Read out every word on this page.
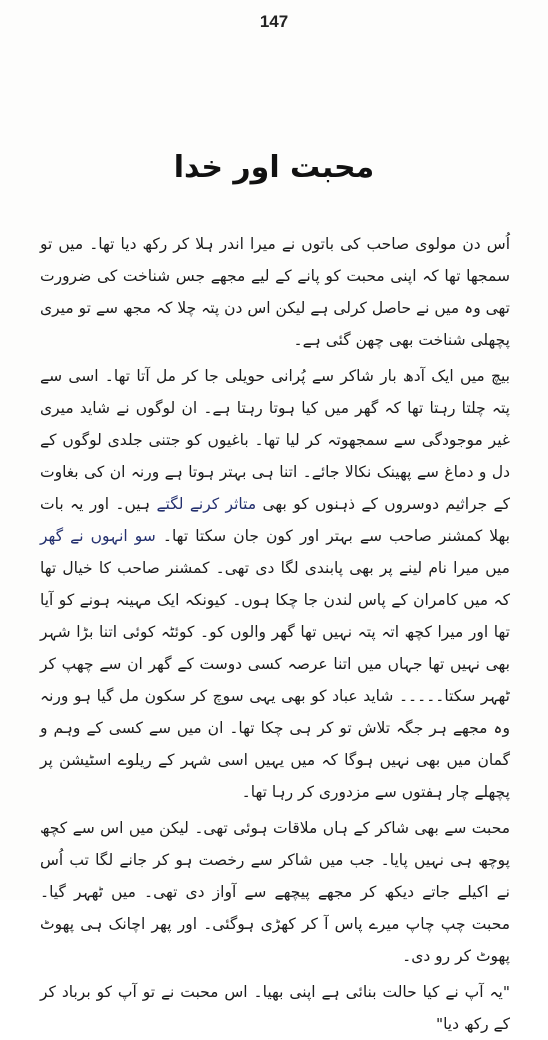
147
محبت اور خدا

اُس دن مولوی صاحب کی باتوں نے میرا اندر ہلا کر رکھ دیا تھا۔ میں تو سمجھا تھا کہ اپنی محبت کو پانے کے لیے مجھے جس شناخت کی ضرورت تھی وہ میں نے حاصل کرلی ہے لیکن اس دن پتہ چلا کہ مجھ سے تو میری پچھلی شناخت بھی چھن گئی ہے۔

بیچ میں ایک آدھ بار شاکر سے پُرانی حویلی جا کر مل آتا تھا۔ اسی سے پتہ چلتا رہتا تھا کہ گھر میں کیا ہوتا رہتا ہے۔ ان لوگوں نے شاید میری غیر موجودگی سے سمجھوتہ کر لیا تھا۔ باغیوں کو جتنی جلدی لوگوں کے دل و دماغ سے پھینک نکالا جائے۔ اتنا ہی بہتر ہوتا ہے ورنہ ان کی بغاوت کے جراثیم دوسروں کے ذہنوں کو بھی متاثر کرنے لگتے ہیں۔ اور یہ بات بھلا کمشنر صاحب سے بہتر اور کون جان سکتا تھا۔ سو انہوں نے گھر میں میرا نام لینے پر بھی پابندی لگا دی تھی۔ کمشنر صاحب کا خیال تھا کہ میں کامران کے پاس لندن جا چکا ہوں۔ کیونکہ ایک مہینہ ہونے کو آیا تھا اور میرا کچھ اتہ پتہ نہیں تھا گھر والوں کو۔ کوئٹہ کوئی اتنا بڑا شہر بھی نہیں تھا جہاں میں اتنا عرصہ کسی دوست کے گھر ان سے چھپ کر ٹھہر سکتا۔۔۔۔۔ شاید عباد کو بھی یہی سوچ کر سکون مل گیا ہو ورنہ وہ مجھے ہر جگہ تلاش تو کر ہی چکا تھا۔ ان میں سے کسی کے وہم و گمان میں بھی نہیں ہوگا کہ میں یہیں اسی شہر کے ریلوے اسٹیشن پر پچھلے چار ہفتوں سے مزدوری کر رہا تھا۔

محبت سے بھی شاکر کے ہاں ملاقات ہوئی تھی۔ لیکن میں اس سے کچھ پوچھ ہی نہیں پایا۔ جب میں شاکر سے رخصت ہو کر جانے لگا تب اُس نے اکیلے جاتے دیکھ کر مجھے پیچھے سے آواز دی تھی۔ میں ٹھہر گیا۔ محبت چپ چاپ میرے پاس آ کر کھڑی ہوگئی۔ اور پھر اچانک ہی پھوٹ پھوٹ کر رو دی۔

"یہ آپ نے کیا حالت بنائی ہے اپنی بھیا۔ اس محبت نے تو آپ کو برباد کر کے رکھ دیا"
